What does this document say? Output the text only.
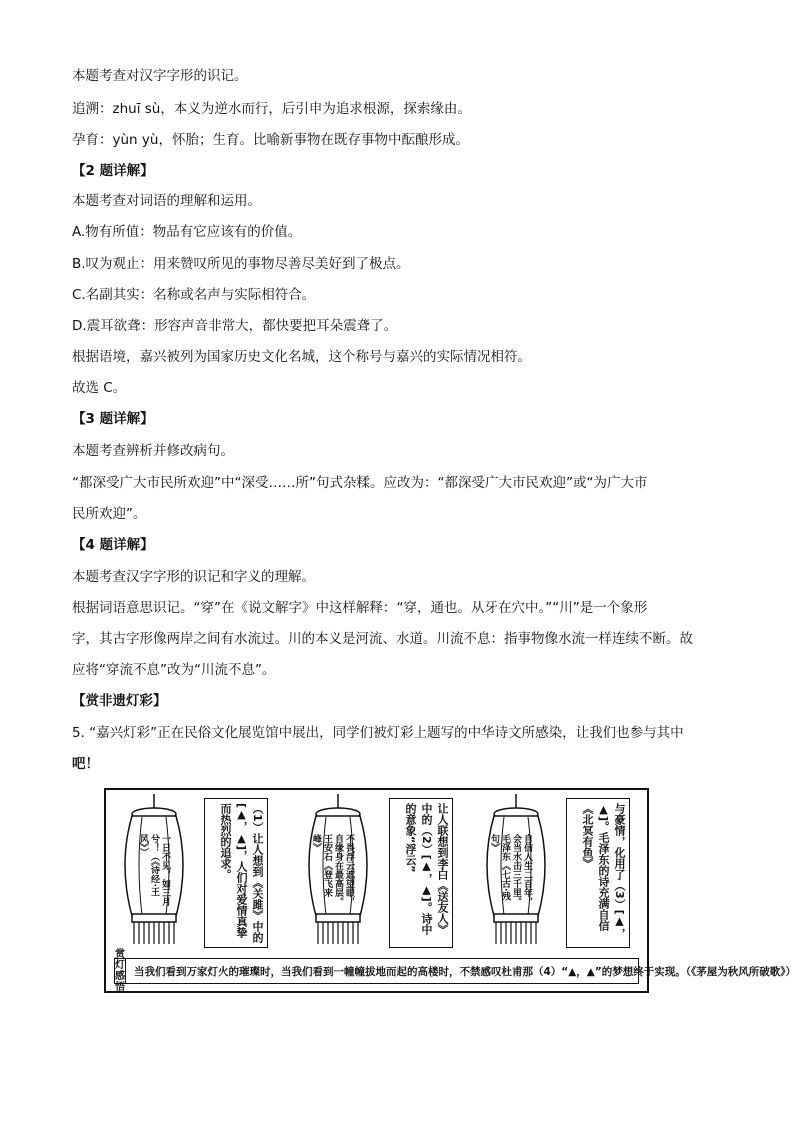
本题考查对汉字字形的识记。
追溯：zhuī sù，本义为逆水而行，后引申为追求根源，探索缘由。
孕育：yùn yù，怀胎；生育。比喻新事物在既存事物中酝酿形成。
【2 题详解】
本题考查对词语的理解和运用。
A.物有所值：物品有它应该有的价值。
B.叹为观止：用来赞叹所见的事物尽善尽美好到了极点。
C.名副其实：名称或名声与实际相符合。
D.震耳欲聋：形容声音非常大，都快要把耳朵震聋了。
根据语境，嘉兴被列为国家历史文化名城，这个称号与嘉兴的实际情况相符。
故选 C。
【3 题详解】
本题考查辨析并修改病句。
“都深受广大市民所欢迎”中“深受……所”句式杂糅。应改为：“都深受广大市民欢迎”或“为广大市
民所欢迎”。
【4 题详解】
本题考查汉字字形的识记和字义的理解。
根据词语意思识记。“穿”在《说文解字》中这样解释：“穿，通也。从牙在穴中。”“川”是一个象形
字，其古字形像两岸之间有水流过。川的本义是河流、水道。川流不息：指事物像水流一样连续不断。故
应将“穿流不息”改为“川流不息”。
【赏非遗灯彩】
5. “嘉兴灯彩”正在民俗文化展览馆中展出，同学们被灯彩上题写的中华诗文所感染，让我们也参与其中
吧！
一日不见，如三月兮！（《诗经·王风》）	（1）让人想到《关雎》中的[▲，▲]，人们对爱情真挚而热烈的追求。	不畏浮云遮望眼，自缘身在最高层。王安石《登飞来峰》	让人联想到李白《送友人》中的（2）[▲，▲]。诗中的意象“浮云”	自信人生二百年，会当水击三千里。毛泽东《七古·残句》	与豪情，化用了（3）[▲，▲]。毛泽东的诗充满自信《北冥有鱼》
赏灯感悟
当我们看到万家灯火的璀璨时，当我们看到一幢幢拔地而起的高楼时，不禁感叹杜甫那（4）“▲，▲”的梦想终于实现。（《茅屋为秋风所破歌》）
